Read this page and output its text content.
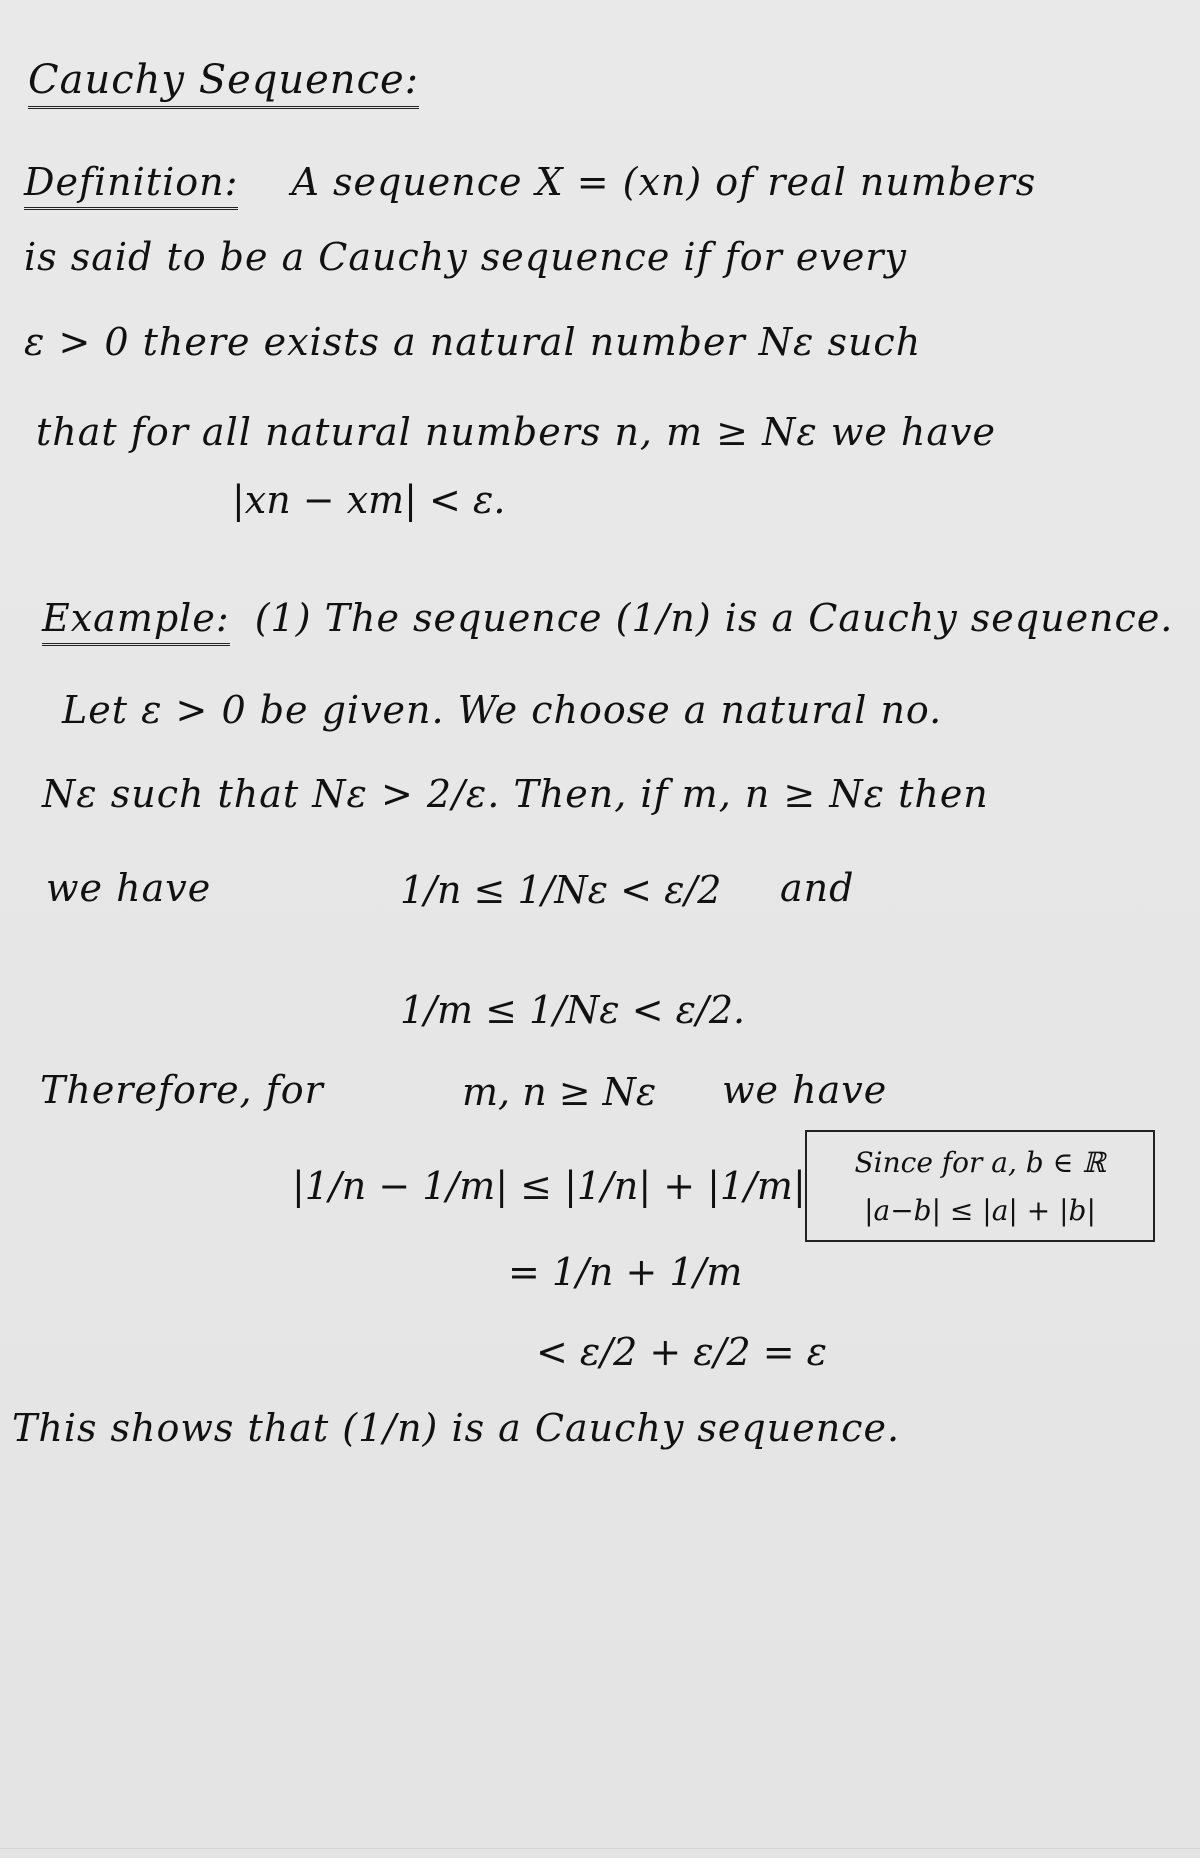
Cauchy Sequence:
Definition: A sequence X = (xn) of real numbers
is said to be a Cauchy sequence if for every
ε > 0 there exists a natural number Nε such
that for all natural numbers n, m ≥ Nε we have
|xn − xm| < ε.
Example: (1) The sequence (1/n) is a Cauchy sequence.
Let ε > 0 be given. We choose a natural no.
Nε such that Nε > 2/ε. Then, if m, n ≥ Nε then
we have	1/n ≤ 1/Nε < ε/2 and
1/m ≤ 1/Nε < ε/2.
Therefore, for	m, n ≥ Nε we have
|1/n − 1/m| ≤ |1/n| + |1/m|
= 1/n + 1/m
< ε/2 + ε/2 = ε
Since for a, b ∈ ℝ
|a−b| ≤ |a| + |b|
This shows that (1/n) is a Cauchy sequence.
